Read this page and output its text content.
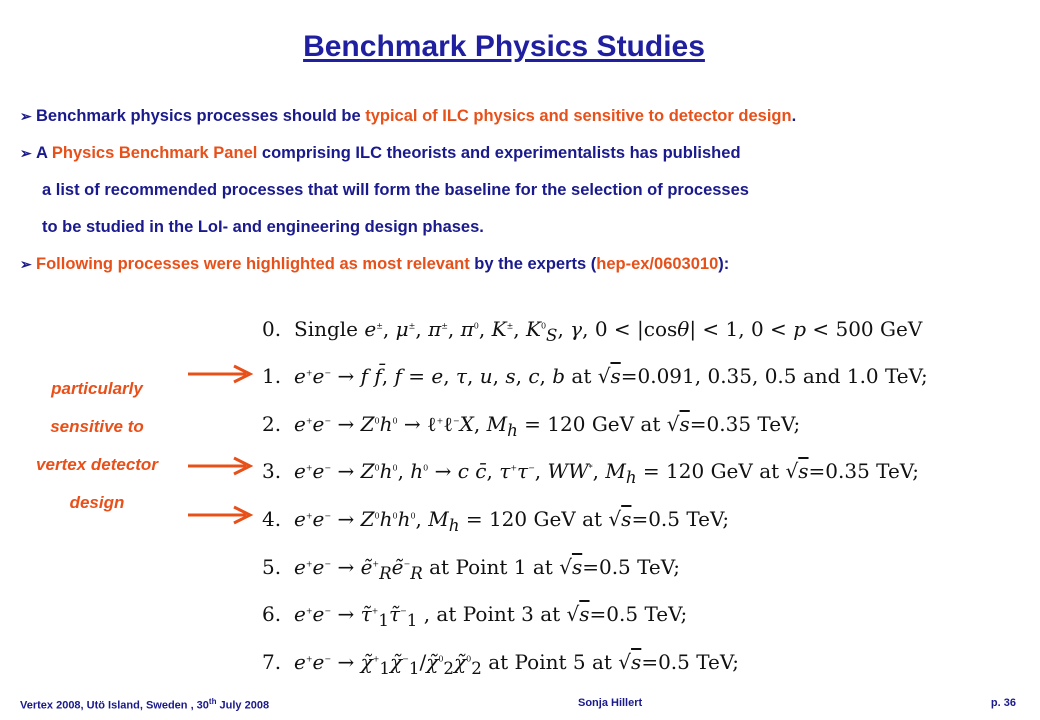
Benchmark Physics Studies
➢ Benchmark physics processes should be typical of ILC physics and sensitive to detector design.
➢ A Physics Benchmark Panel comprising ILC theorists and experimentalists has published
a list of recommended processes that will form the baseline for the selection of processes
to be studied in the LoI- and engineering design phases.
➢ Following processes were highlighted as most relevant by the experts (hep-ex/0603010):
0. Single e±, μ±, π±, $\pi^0$, K±, $K^0_S$, γ, 0 < |cosθ| < 1, 0 < p < 500 GeV
1. e+e− → f f̄, f = e, τ, u, s, c, b at √s=0.091, 0.35, 0.5 and 1.0 TeV;
2. $e^+e^- \to Z^0h^0$ → ℓ+ℓ−X, $M_h = 120$ GeV at √s=0.35 TeV;
3. $e^+e^- \to Z^0h^0$, $h^0 \to c$ c̄, τ+τ−, WW*, $M_h = 120$ GeV at √s=0.35 TeV;
4. $e^+e^- \to Z^0h^0h^0$, $M_h = 120$ GeV at √s=0.5 TeV;
5. e+e− → ẽ+$_R$ẽ−$_R$ at Point 1 at √s=0.5 TeV;
6. $e^+e^- \to \taũ^+_1\taũ^-_1$ , at Point 3 at √s=0.5 TeV;
7. $e^+e^- \to \chĩ^+_1\chĩ^-_1/\chĩ^0_2\chĩ^0_2$ at Point 5 at √s=0.5 TeV;
particularly
sensitive to
vertex detector
design
Vertex 2008, Utö Island, Sweden , 30th July 2008	Sonja Hillert	p. 36
